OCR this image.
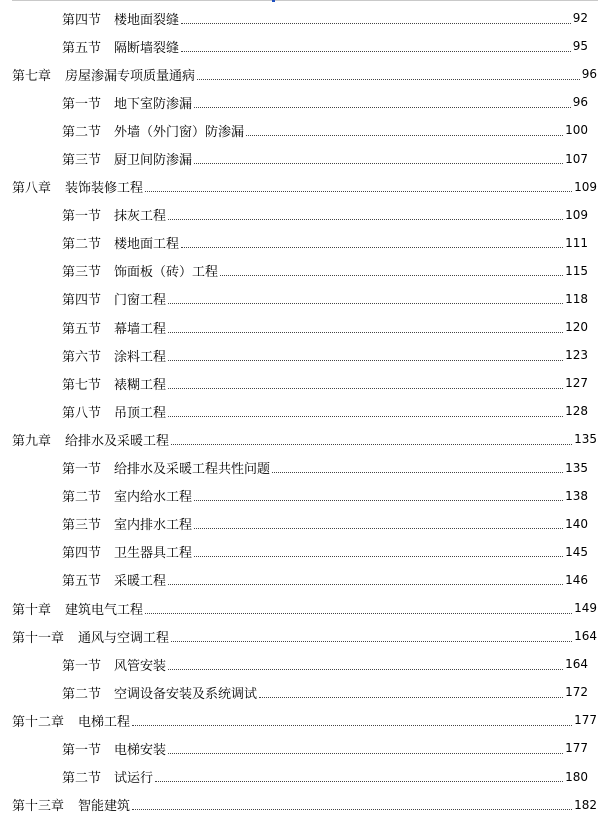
第四节 楼地面裂缝	92
第五节 隔断墙裂缝	95
第七章 房屋渗漏专项质量通病	96
第一节 地下室防渗漏	96
第二节 外墙（外门窗）防渗漏	100
第三节 厨卫间防渗漏	107
第八章 装饰装修工程	109
第一节 抹灰工程	109
第二节 楼地面工程	111
第三节 饰面板（砖）工程	115
第四节 门窗工程	118
第五节 幕墙工程	120
第六节 涂料工程	123
第七节 裱糊工程	127
第八节 吊顶工程	128
第九章 给排水及采暖工程	135
第一节 给排水及采暖工程共性问题	135
第二节 室内给水工程	138
第三节 室内排水工程	140
第四节 卫生器具工程	145
第五节 采暖工程	146
第十章 建筑电气工程	149
第十一章 通风与空调工程	164
第一节 风管安装	164
第二节 空调设备安装及系统调试	172
第十二章 电梯工程	177
第一节 电梯安装	177
第二节 试运行	180
第十三章 智能建筑	182
